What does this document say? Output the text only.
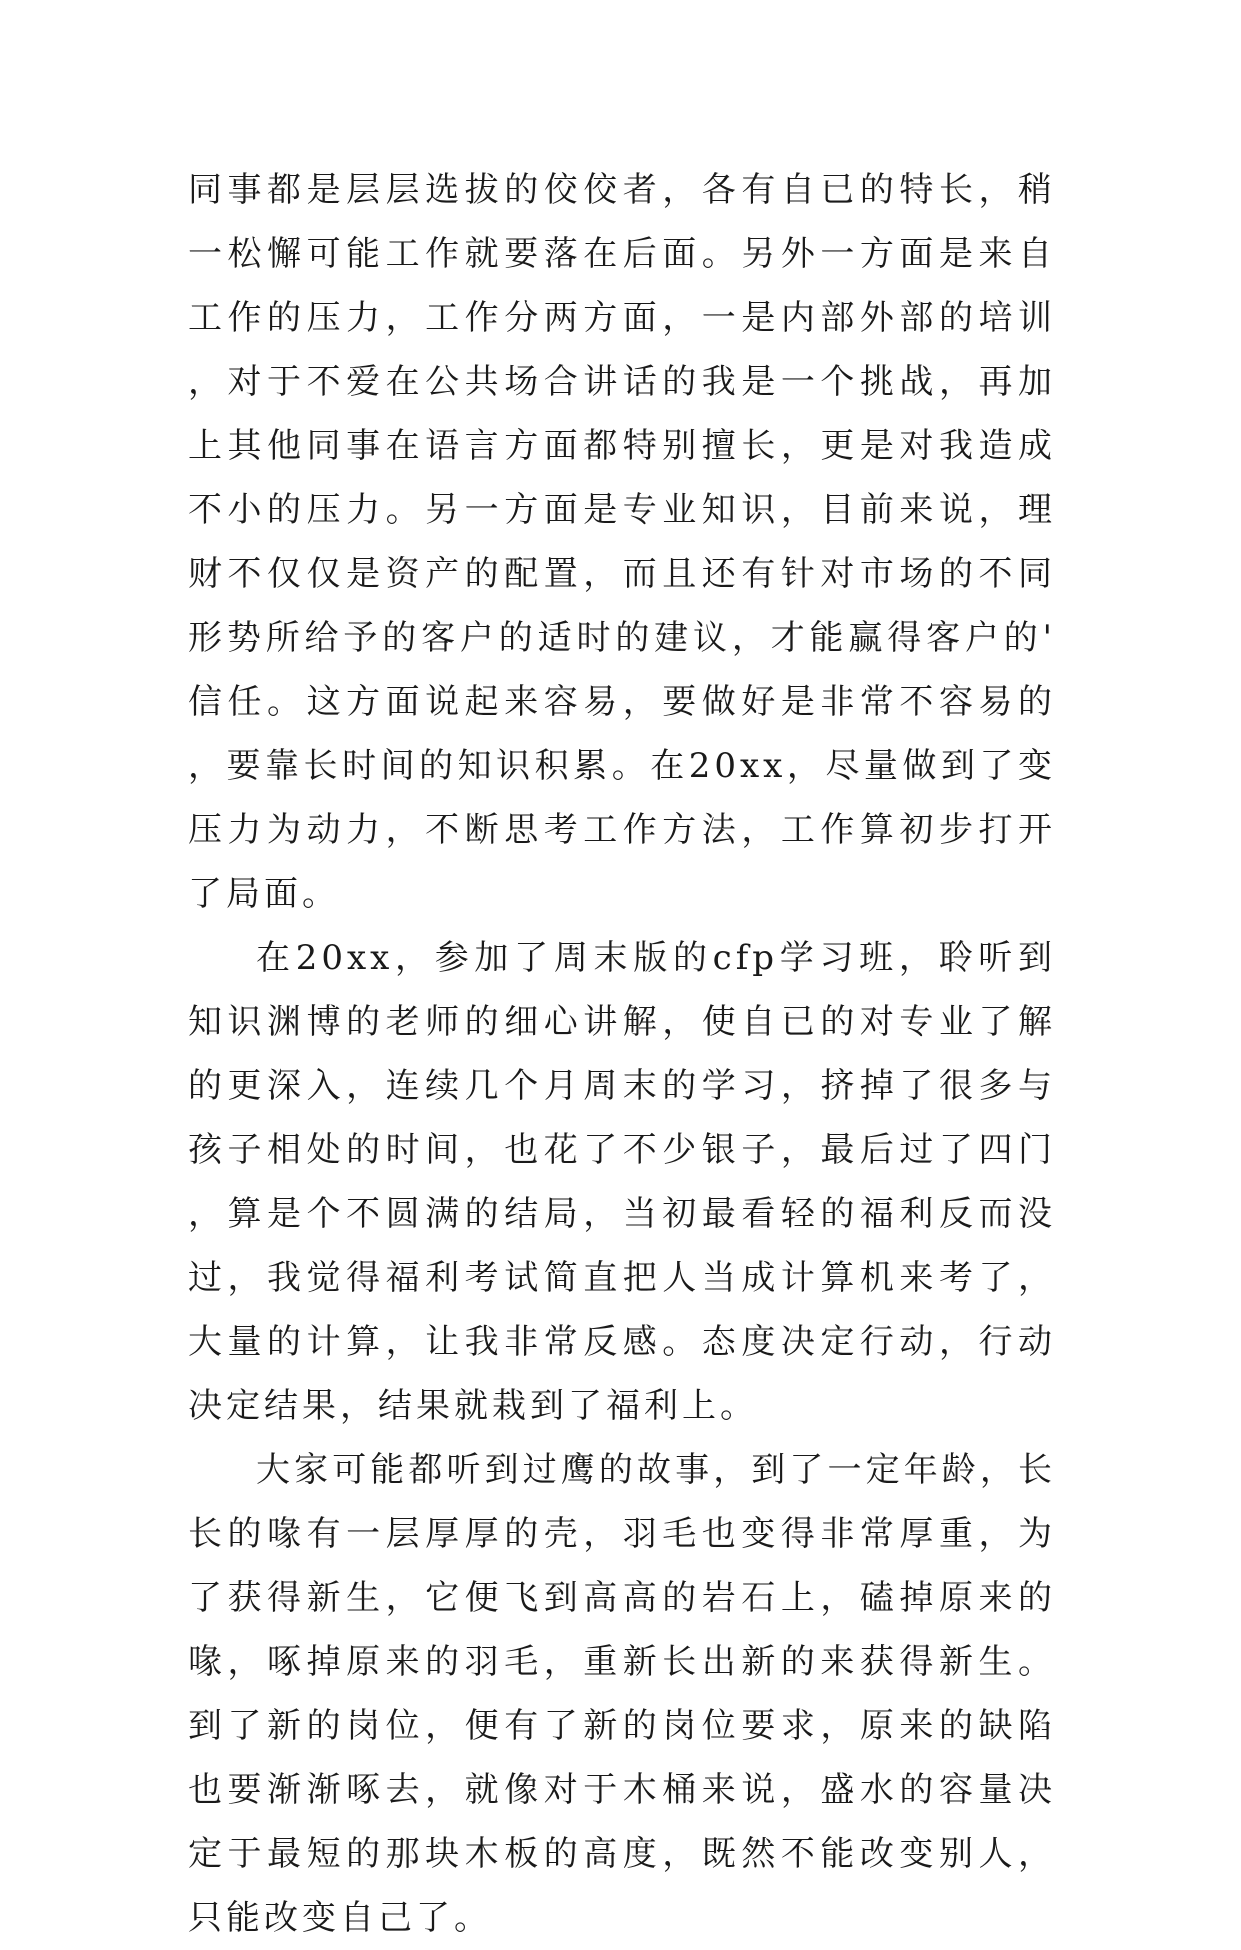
同事都是层层选拔的佼佼者，各有自已的特长，稍一松懈可能工作就要落在后面。另外一方面是来自工作的压力，工作分两方面，一是内部外部的培训，对于不爱在公共场合讲话的我是一个挑战，再加上其他同事在语言方面都特别擅长，更是对我造成不小的压力。另一方面是专业知识，目前来说，理财不仅仅是资产的配置，而且还有针对市场的不同形势所给予的客户的适时的建议，才能赢得客户的'信任。这方面说起来容易，要做好是非常不容易的，要靠长时间的知识积累。在20xx，尽量做到了变压力为动力，不断思考工作方法，工作算初步打开了局面。

在20xx，参加了周末版的cfp学习班，聆听到知识渊博的老师的细心讲解，使自已的对专业了解的更深入，连续几个月周末的学习，挤掉了很多与孩子相处的时间，也花了不少银子，最后过了四门，算是个不圆满的结局，当初最看轻的福利反而没过，我觉得福利考试简直把人当成计算机来考了，大量的计算，让我非常反感。态度决定行动，行动决定结果，结果就栽到了福利上。

大家可能都听到过鹰的故事，到了一定年龄，长长的喙有一层厚厚的壳，羽毛也变得非常厚重，为了获得新生，它便飞到高高的岩石上，磕掉原来的喙，啄掉原来的羽毛，重新长出新的来获得新生。到了新的岗位，便有了新的岗位要求，原来的缺陷也要渐渐啄去，就像对于木桶来说，盛水的容量决定于最短的那块木板的高度，既然不能改变别人，只能改变自己了。
